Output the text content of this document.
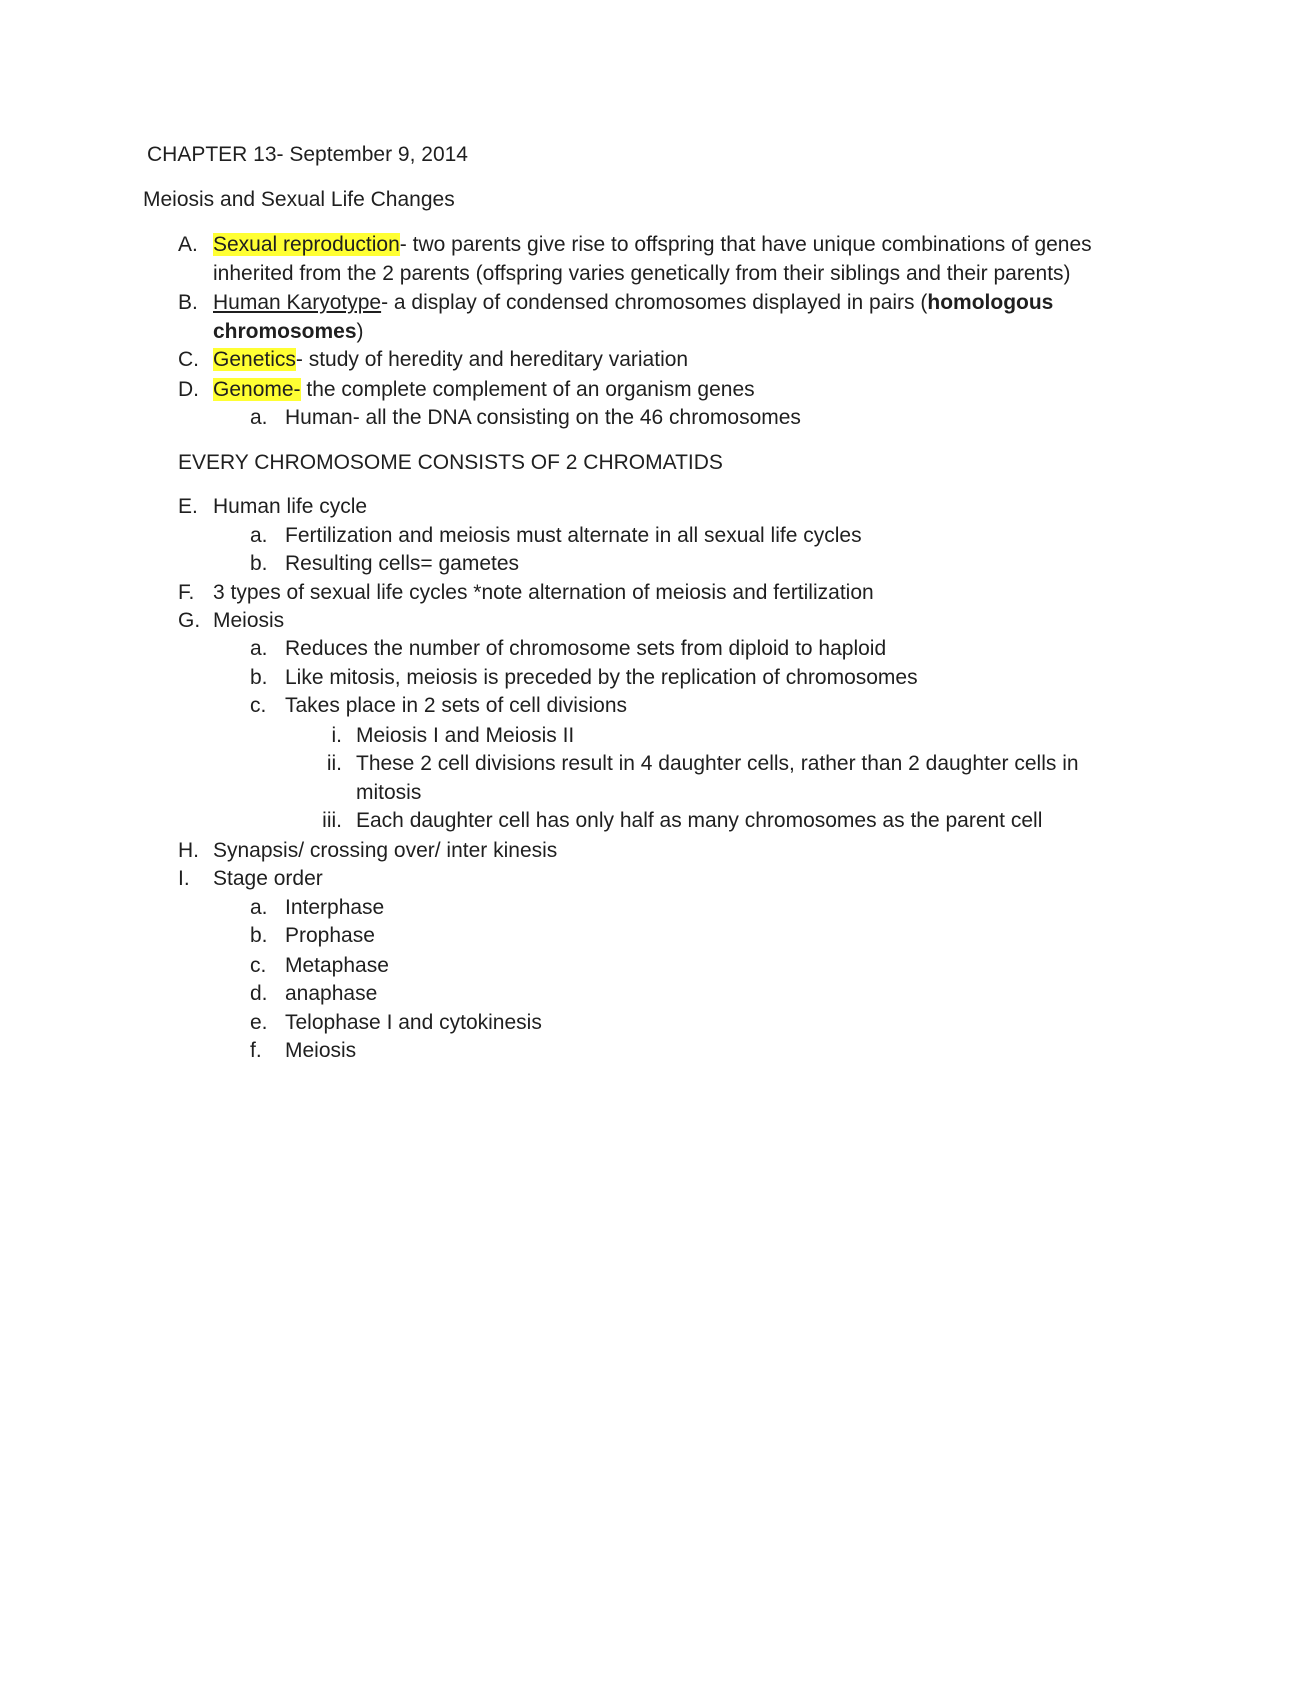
CHAPTER 13- September 9, 2014
Meiosis and Sexual Life Changes
A. Sexual reproduction- two parents give rise to offspring that have unique combinations of genes
inherited from the 2 parents (offspring varies genetically from their siblings and their parents)
B. Human Karyotype- a display of condensed chromosomes displayed in pairs (homologous
chromosomes)
C. Genetics- study of heredity and hereditary variation
D. Genome- the complete complement of an organism genes
a. Human- all the DNA consisting on the 46 chromosomes
EVERY CHROMOSOME CONSISTS OF 2 CHROMATIDS
E. Human life cycle
a. Fertilization and meiosis must alternate in all sexual life cycles
b. Resulting cells= gametes
F. 3 types of sexual life cycles *note alternation of meiosis and fertilization
G. Meiosis
a. Reduces the number of chromosome sets from diploid to haploid
b. Like mitosis, meiosis is preceded by the replication of chromosomes
c. Takes place in 2 sets of cell divisions
i. Meiosis I and Meiosis II
ii. These 2 cell divisions result in 4 daughter cells, rather than 2 daughter cells in
mitosis
iii. Each daughter cell has only half as many chromosomes as the parent cell
H. Synapsis/ crossing over/ inter kinesis
I.	Stage order
a. Interphase
b. Prophase
c. Metaphase
d. anaphase
e. Telophase I and cytokinesis
f.	Meiosis
